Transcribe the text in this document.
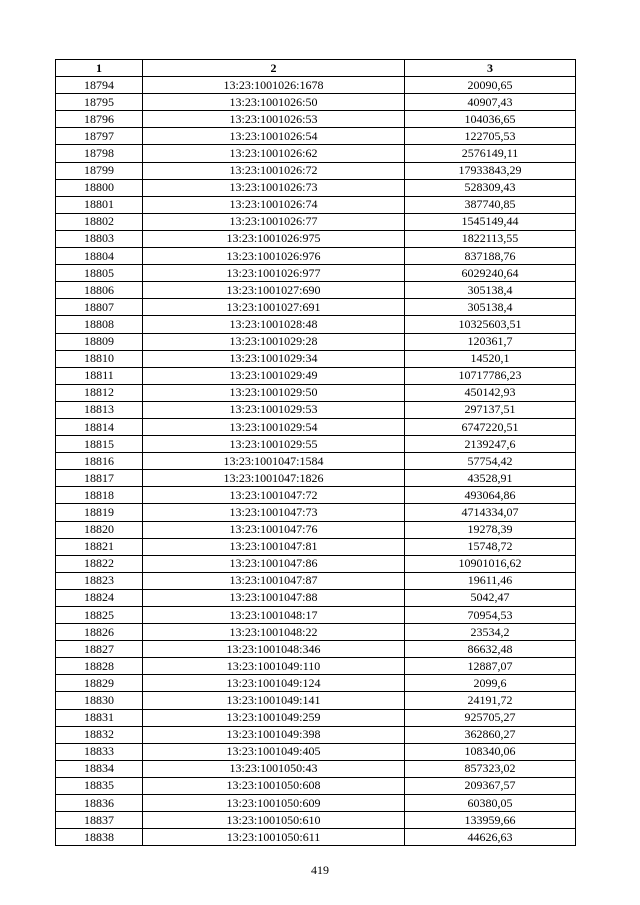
1	2	3
18794	13:23:1001026:1678	20090,65
18795	13:23:1001026:50	40907,43
18796	13:23:1001026:53	104036,65
18797	13:23:1001026:54	122705,53
18798	13:23:1001026:62	2576149,11
18799	13:23:1001026:72	17933843,29
18800	13:23:1001026:73	528309,43
18801	13:23:1001026:74	387740,85
18802	13:23:1001026:77	1545149,44
18803	13:23:1001026:975	1822113,55
18804	13:23:1001026:976	837188,76
18805	13:23:1001026:977	6029240,64
18806	13:23:1001027:690	305138,4
18807	13:23:1001027:691	305138,4
18808	13:23:1001028:48	10325603,51
18809	13:23:1001029:28	120361,7
18810	13:23:1001029:34	14520,1
18811	13:23:1001029:49	10717786,23
18812	13:23:1001029:50	450142,93
18813	13:23:1001029:53	297137,51
18814	13:23:1001029:54	6747220,51
18815	13:23:1001029:55	2139247,6
18816	13:23:1001047:1584	57754,42
18817	13:23:1001047:1826	43528,91
18818	13:23:1001047:72	493064,86
18819	13:23:1001047:73	4714334,07
18820	13:23:1001047:76	19278,39
18821	13:23:1001047:81	15748,72
18822	13:23:1001047:86	10901016,62
18823	13:23:1001047:87	19611,46
18824	13:23:1001047:88	5042,47
18825	13:23:1001048:17	70954,53
18826	13:23:1001048:22	23534,2
18827	13:23:1001048:346	86632,48
18828	13:23:1001049:110	12887,07
18829	13:23:1001049:124	2099,6
18830	13:23:1001049:141	24191,72
18831	13:23:1001049:259	925705,27
18832	13:23:1001049:398	362860,27
18833	13:23:1001049:405	108340,06
18834	13:23:1001050:43	857323,02
18835	13:23:1001050:608	209367,57
18836	13:23:1001050:609	60380,05
18837	13:23:1001050:610	133959,66
18838	13:23:1001050:611	44626,63
419
